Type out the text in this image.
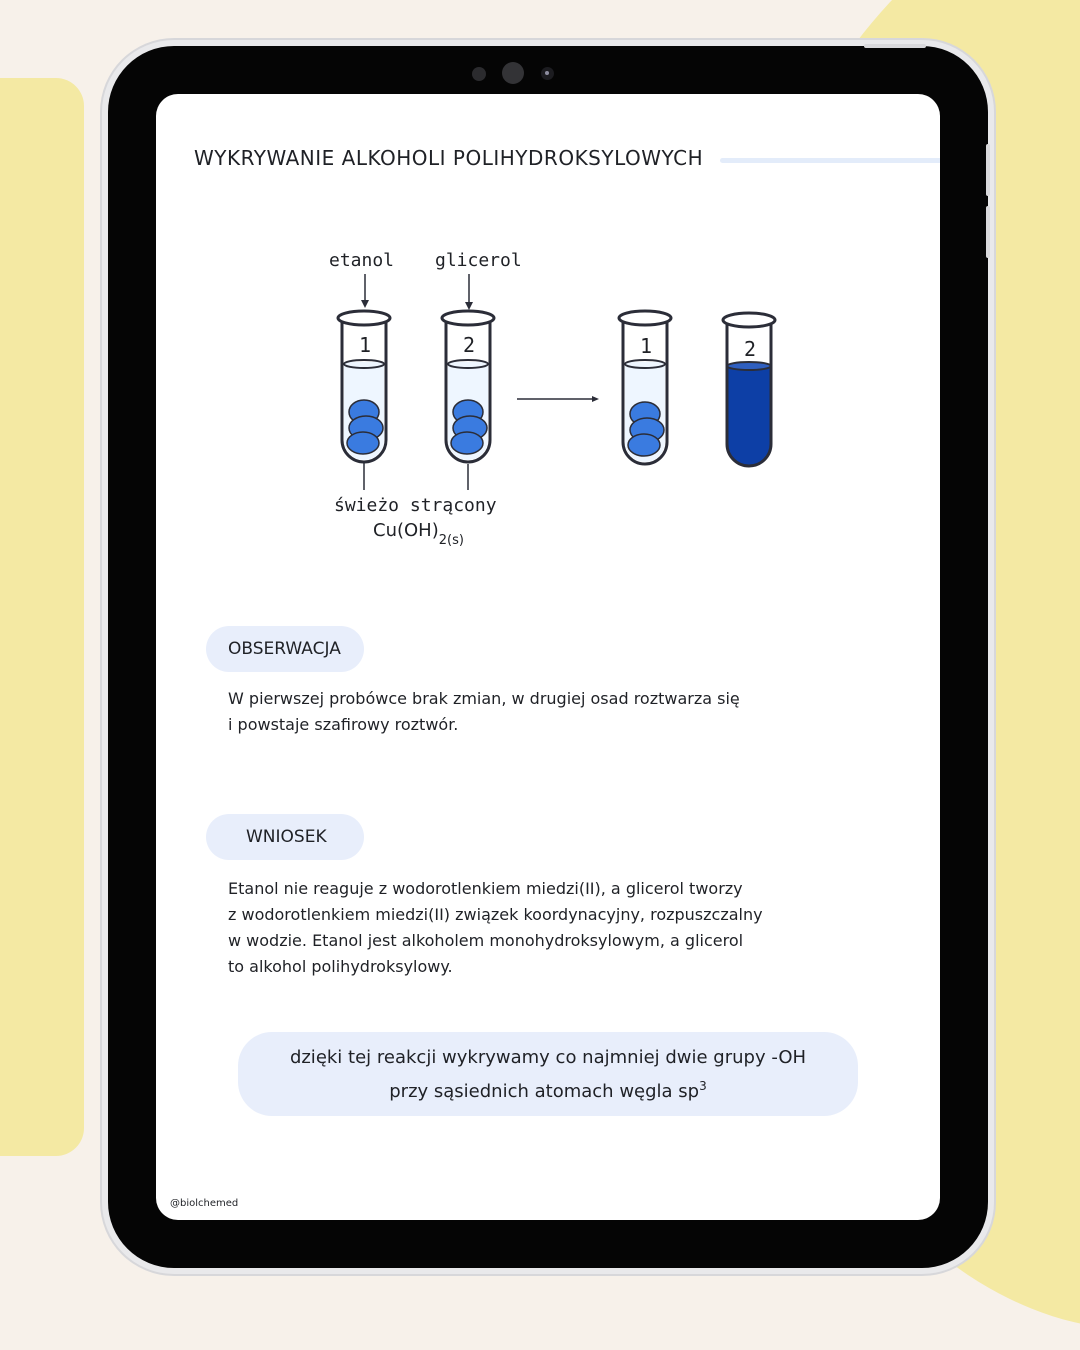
WYKRYWANIE ALKOHOLI POLIHYDROKSYLOWYCH
etanol glicerol
1	2
świeżo strącony
$Cu(OH)_{2(s)}$
1	2
OBSERWACJA

W pierwszej probówce brak zmian, w drugiej osad roztwarza się

i powstaje szafirowy roztwór.

WNIOSEK

Etanol nie reaguje z wodorotlenkiem miedzi(II), a glicerol tworzy

z wodorotlenkiem miedzi(II) związek koordynacyjny, rozpuszczalny

w wodzie. Etanol jest alkoholem monohydroksylowym, a glicerol

to alkohol polihydroksylowy.

dzięki tej reakcji wykrywamy co najmniej dwie grupy -OH
przy sąsiednich atomach węgla $sp^3$
@biolchemed
